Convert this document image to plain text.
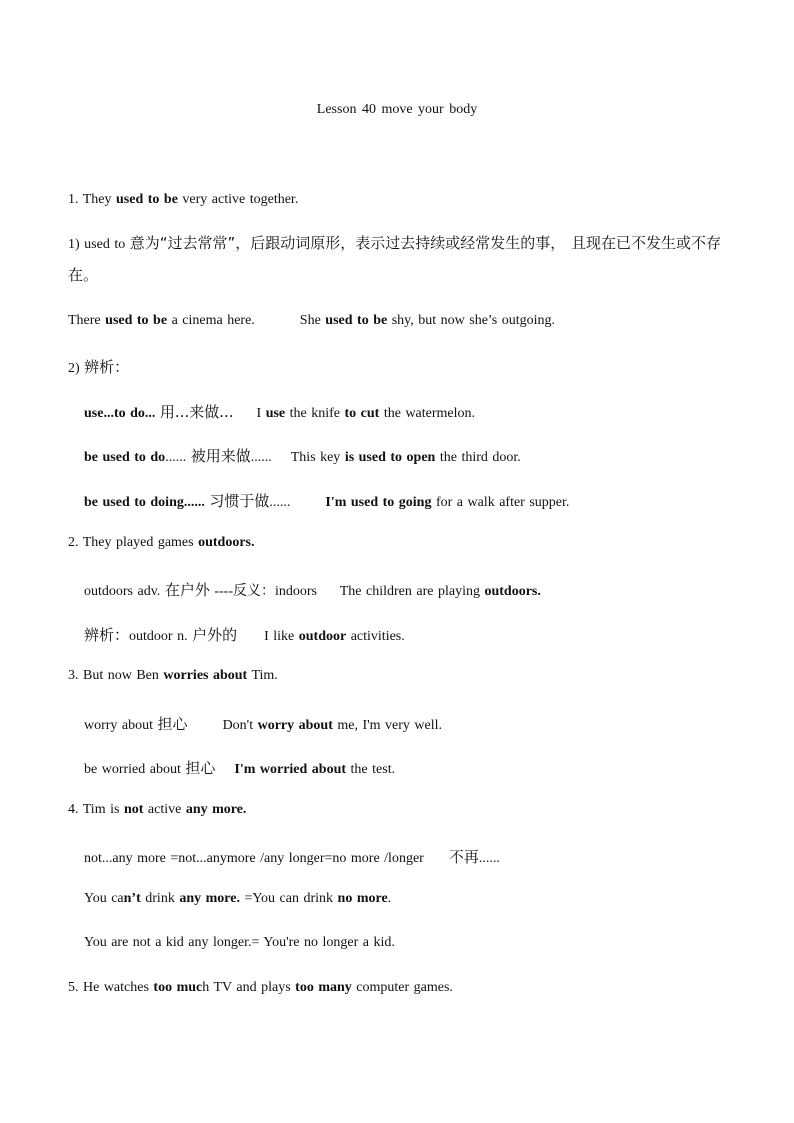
Lesson 40 move your body
1. They used to be very active together.
1) used to 意为“过去常常”，后跟动词原形，表示过去持续或经常发生的事， 且现在已不发生或不存在。
There used to be a cinema here.	She used to be shy, but now she’s outgoing.
2) 辨析：
use...to do... 用...来做... I use the knife to cut the watermelon.
be used to do...... 被用来做...... This key is used to open the third door.
be used to doing...... 习惯于做......	I'm used to going for a walk after supper.
2. They played games outdoors.
outdoors adv. 在户外 ----反义：indoors The children are playing outdoors.
辨析：outdoor n. 户外的 I like outdoor activities.
3. But now Ben worries about Tim.
worry about 担心	Don't worry about me, I'm very well.
be worried about 担心 I'm worried about the test.
4. Tim is not active any more.
not...any more =not...anymore /any longer=no more /longer 不再......
You can’t drink any more. =You can drink no more.
You are not a kid any longer.= You're no longer a kid.
5. He watches too much TV and plays too many computer games.
